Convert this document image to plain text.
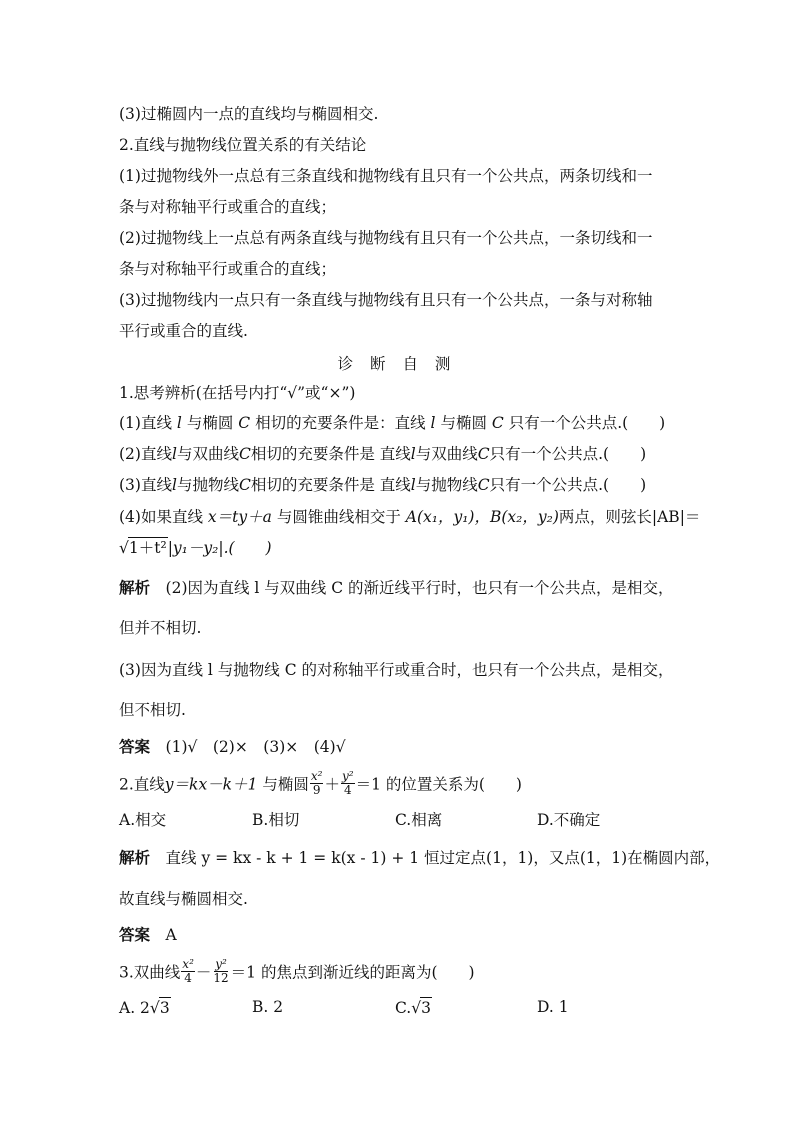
(3)过椭圆内一点的直线均与椭圆相交.
2.直线与抛物线位置关系的有关结论
(1)过抛物线外一点总有三条直线和抛物线有且只有一个公共点，两条切线和一
条与对称轴平行或重合的直线；
(2)过抛物线上一点总有两条直线与抛物线有且只有一个公共点，一条切线和一
条与对称轴平行或重合的直线；
(3)过抛物线内一点只有一条直线与抛物线有且只有一个公共点，一条与对称轴
平行或重合的直线.
诊 断 自 测
1.思考辨析(在括号内打“√”或“×”)
(1)直线 l 与椭圆 C 相切的充要条件是：直线 l 与椭圆 C 只有一个公共点.(　　)
(2)直线l与双曲线C相切的充要条件是 直线l与双曲线C只有一个公共点.(　　)
(3)直线l与抛物线C相切的充要条件是 直线l与抛物线C只有一个公共点.(　　)
(4)如果直线 x＝ty＋a 与圆锥曲线相交于 A(x₁，y₁)，B(x₂，y₂)两点，则弦长|AB|＝
√1＋t²|y₁－y₂|.(　　)
解析　 (2)因为直线 l 与双曲线 C 的渐近线平行时，也只有一个公共点，是相交，
但并不相切.
(3)因为直线 l 与抛物线 C 的对称轴平行或重合时，也只有一个公共点，是相交，
但不相切.
答案　 (1)√　(2)×　(3)×　(4)√
2.直线y＝kx－k＋1 与椭圆 $\frac{\text{x²}}{9} + \frac{\text{y²}}{4} =1$ 的位置关系为(　　)
A.相交	B.相切	C.相离	D.不确定
解析　 直线 y = kx - k + 1 = k(x - 1) + 1 恒过定点(1，1)，又点(1，1)在椭圆内部，
故直线与椭圆相交.
答案　 A
3.双曲线 $\frac{\text{x²}}{4} - \frac{\text{y²}}{12} =1$ 的焦点到渐近线的距离为(　　)
A. 2√3	B. 2	C.√3	D. 1
